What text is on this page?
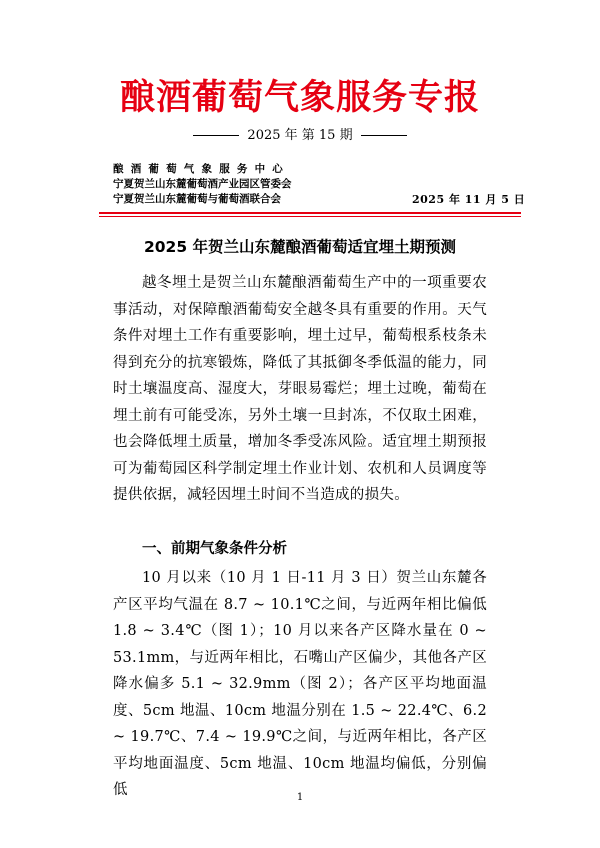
酿酒葡萄气象服务专报
2025 年 第 15 期
酿酒葡萄气象服务中心
宁夏贺兰山东麓葡萄酒产业园区管委会
宁夏贺兰山东麓葡萄与葡萄酒联合会	2025 年 11 月 5 日
2025 年贺兰山东麓酿酒葡萄适宜埋土期预测
越冬埋土是贺兰山东麓酿酒葡萄生产中的一项重要农事活动，对保障酿酒葡萄安全越冬具有重要的作用。天气条件对埋土工作有重要影响，埋土过早，葡萄根系枝条未得到充分的抗寒锻炼，降低了其抵御冬季低温的能力，同时土壤温度高、湿度大，芽眼易霉烂；埋土过晚，葡萄在埋土前有可能受冻，另外土壤一旦封冻，不仅取土困难，也会降低埋土质量，增加冬季受冻风险。适宜埋土期预报可为葡萄园区科学制定埋土作业计划、农机和人员调度等提供依据，减轻因埋土时间不当造成的损失。
一、前期气象条件分析
10 月以来（10 月 1 日-11 月 3 日）贺兰山东麓各产区平均气温在 8.7 ~ 10.1℃之间，与近两年相比偏低 1.8 ~ 3.4℃（图 1）；10 月以来各产区降水量在 0 ~ 53.1mm，与近两年相比，石嘴山产区偏少，其他各产区降水偏多 5.1 ~ 32.9mm（图 2）；各产区平均地面温度、5cm 地温、10cm 地温分别在 1.5 ~ 22.4℃、6.2 ~ 19.7℃、7.4 ~ 19.9℃之间，与近两年相比，各产区平均地面温度、5cm 地温、10cm 地温均偏低，分别偏低	1
